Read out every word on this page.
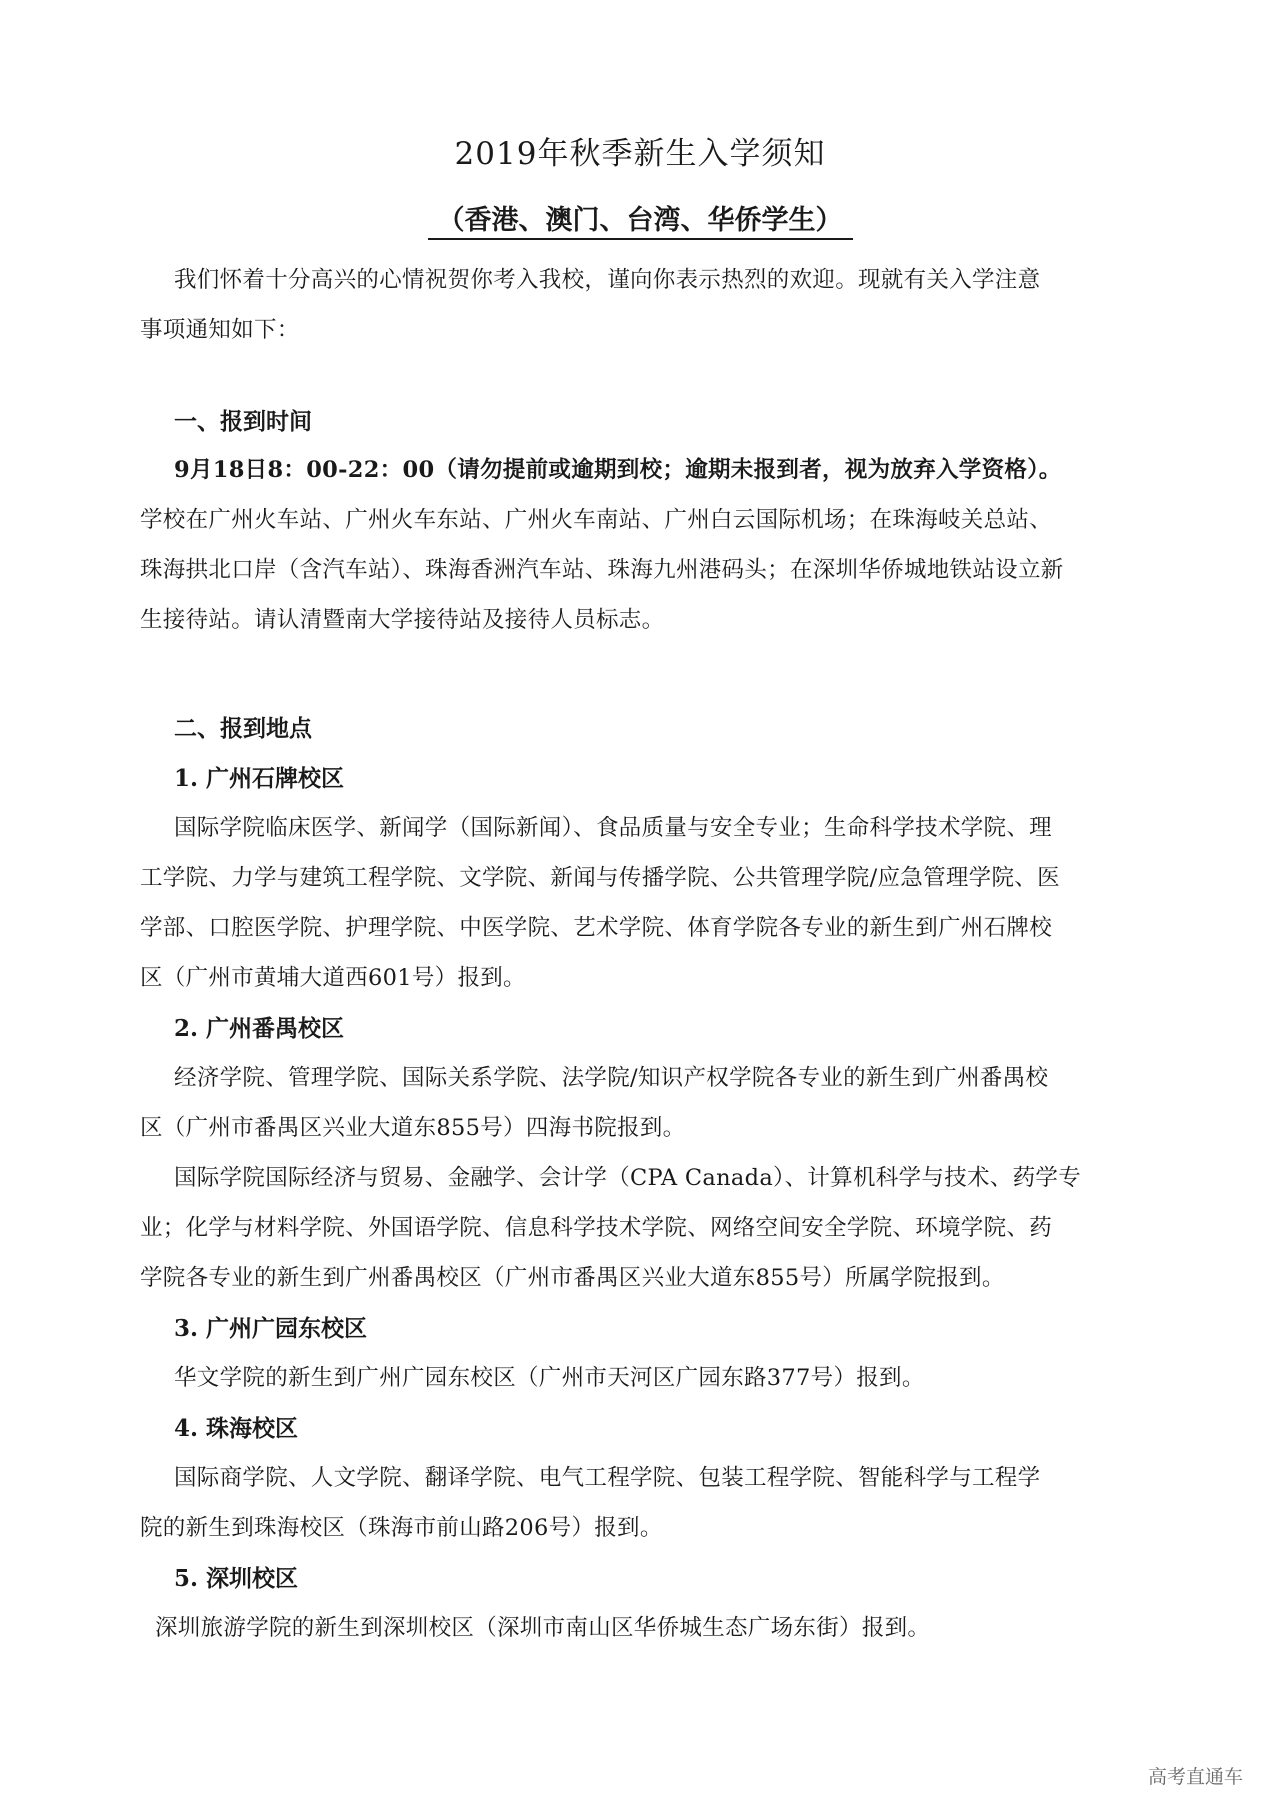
2019年秋季新生入学须知
（香港、澳门、台湾、华侨学生）
我们怀着十分高兴的心情祝贺你考入我校，谨向你表示热烈的欢迎。现就有关入学注意
事项通知如下：
一、报到时间
9月18日8：00-22：00（请勿提前或逾期到校；逾期未报到者，视为放弃入学资格）。
学校在广州火车站、广州火车东站、广州火车南站、广州白云国际机场；在珠海岐关总站、
珠海拱北口岸（含汽车站）、珠海香洲汽车站、珠海九州港码头；在深圳华侨城地铁站设立新
生接待站。请认清暨南大学接待站及接待人员标志。
二、报到地点
1. 广州石牌校区
国际学院临床医学、新闻学（国际新闻）、食品质量与安全专业；生命科学技术学院、理
工学院、力学与建筑工程学院、文学院、新闻与传播学院、公共管理学院/应急管理学院、医
学部、口腔医学院、护理学院、中医学院、艺术学院、体育学院各专业的新生到广州石牌校
区（广州市黄埔大道西601号）报到。
2. 广州番禺校区
经济学院、管理学院、国际关系学院、法学院/知识产权学院各专业的新生到广州番禺校
区（广州市番禺区兴业大道东855号）四海书院报到。
国际学院国际经济与贸易、金融学、会计学（CPA Canada）、计算机科学与技术、药学专
业；化学与材料学院、外国语学院、信息科学技术学院、网络空间安全学院、环境学院、药
学院各专业的新生到广州番禺校区（广州市番禺区兴业大道东855号）所属学院报到。
3. 广州广园东校区
华文学院的新生到广州广园东校区（广州市天河区广园东路377号）报到。
4. 珠海校区
国际商学院、人文学院、翻译学院、电气工程学院、包装工程学院、智能科学与工程学
院的新生到珠海校区（珠海市前山路206号）报到。
5. 深圳校区
深圳旅游学院的新生到深圳校区（深圳市南山区华侨城生态广场东街）报到。
高考直通车
